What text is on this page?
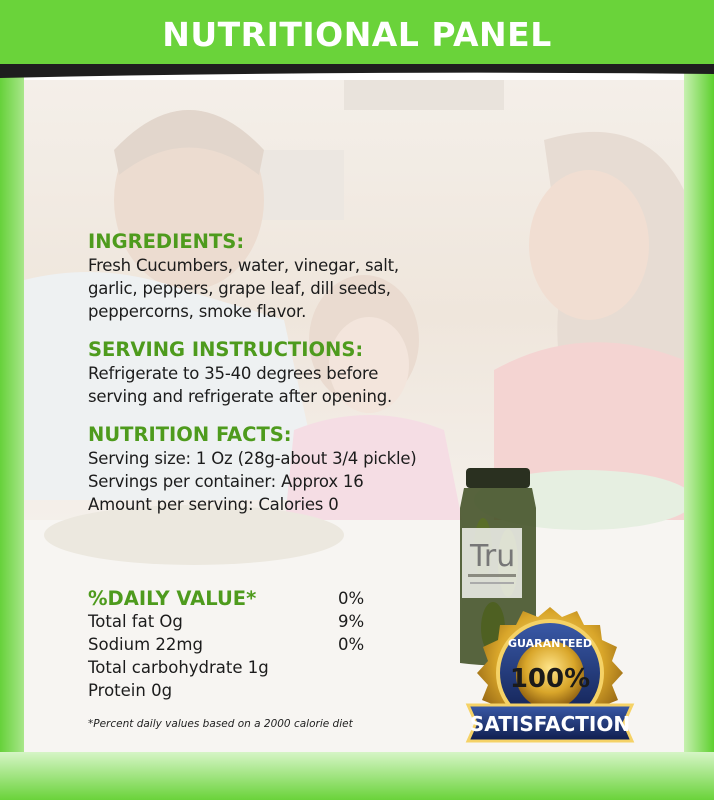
NUTRITIONAL PANEL
INGREDIENTS:
Fresh Cucumbers, water, vinegar, salt,
garlic, peppers, grape leaf, dill seeds,
peppercorns, smoke flavor.
SERVING INSTRUCTIONS:
Refrigerate to 35-40 degrees before
serving and refrigerate after opening.
NUTRITION FACTS:
Serving size: 1 Oz (28g-about 3/4 pickle)
Servings per container: Approx 16
Amount per serving: Calories 0
%DAILY VALUE*	0%
Total fat Og	9%
Sodium 22mg	0%
Total carbohydrate 1g
Protein 0g
*Percent daily values based on a 2000 calorie diet
Tru
GUARANTEED
100%
SATISFACTION
